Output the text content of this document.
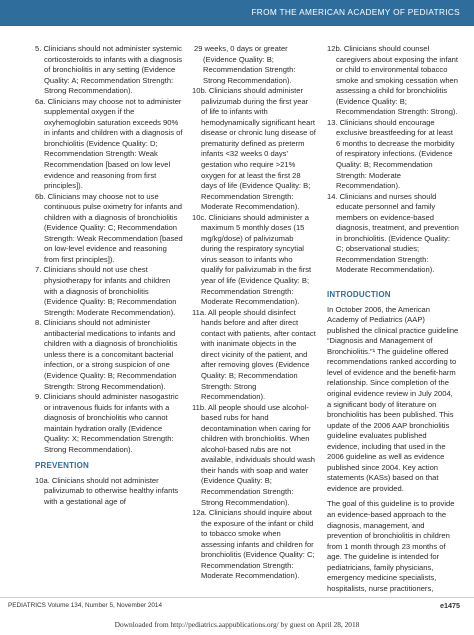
FROM THE AMERICAN ACADEMY OF PEDIATRICS
5. Clinicians should not administer systemic corticosteroids to infants with a diagnosis of bronchiolitis in any setting (Evidence Quality: A; Recommendation Strength: Strong Recommendation).
6a. Clinicians may choose not to administer supplemental oxygen if the oxyhemoglobin saturation exceeds 90% in infants and children with a diagnosis of bronchiolitis (Evidence Quality: D; Recommendation Strength: Weak Recommendation [based on low level evidence and reasoning from first principles]).
6b. Clinicians may choose not to use continuous pulse oximetry for infants and children with a diagnosis of bronchiolitis (Evidence Quality: C; Recommendation Strength: Weak Recommendation [based on low-level evidence and reasoning from first principles]).
7. Clinicians should not use chest physiotherapy for infants and children with a diagnosis of bronchiolitis (Evidence Quality: B; Recommendation Strength: Moderate Recommendation).
8. Clinicians should not administer antibacterial medications to infants and children with a diagnosis of bronchiolitis unless there is a concomitant bacterial infection, or a strong suspicion of one (Evidence Quality: B; Recommendation Strength: Strong Recommendation).
9. Clinicians should administer nasogastric or intravenous fluids for infants with a diagnosis of bronchiolitis who cannot maintain hydration orally (Evidence Quality: X; Recommendation Strength: Strong Recommendation).
PREVENTION
10a. Clinicians should not administer palivizumab to otherwise healthy infants with a gestational age of
29 weeks, 0 days or greater (Evidence Quality: B; Recommendation Strength: Strong Recommendation).
10b. Clinicians should administer palivizumab during the first year of life to infants with hemodynamically significant heart disease or chronic lung disease of prematurity defined as preterm infants <32 weeks 0 days' gestation who require >21% oxygen for at least the first 28 days of life (Evidence Quality: B; Recommendation Strength: Moderate Recommendation).
10c. Clinicians should administer a maximum 5 monthly doses (15 mg/kg/dose) of palivizumab during the respiratory syncytial virus season to infants who qualify for palivizumab in the first year of life (Evidence Quality: B; Recommendation Strength: Moderate Recommendation).
11a. All people should disinfect hands before and after direct contact with patients, after contact with inanimate objects in the direct vicinity of the patient, and after removing gloves (Evidence Quality: B; Recommendation Strength: Strong Recommendation).
11b. All people should use alcohol-based rubs for hand decontamination when caring for children with bronchiolitis. When alcohol-based rubs are not available, individuals should wash their hands with soap and water (Evidence Quality: B; Recommendation Strength: Strong Recommendation).
12a. Clinicians should inquire about the exposure of the infant or child to tobacco smoke when assessing infants and children for bronchiolitis (Evidence Quality: C; Recommendation Strength: Moderate Recommendation).
12b. Clinicians should counsel caregivers about exposing the infant or child to environmental tobacco smoke and smoking cessation when assessing a child for bronchiolitis (Evidence Quality: B; Recommendation Strength: Strong).
13. Clinicians should encourage exclusive breastfeeding for at least 6 months to decrease the morbidity of respiratory infections. (Evidence Quality: B; Recommendation Strength: Moderate Recommendation).
14. Clinicians and nurses should educate personnel and family members on evidence-based diagnosis, treatment, and prevention in bronchiolitis. (Evidence Quality: C; observational studies; Recommendation Strength: Moderate Recommendation).
INTRODUCTION
In October 2006, the American Academy of Pediatrics (AAP) published the clinical practice guideline “Diagnosis and Management of Bronchiolitis.”¹ The guideline offered recommendations ranked according to level of evidence and the benefit-harm relationship. Since completion of the original evidence review in July 2004, a significant body of literature on bronchiolitis has been published. This update of the 2006 AAP bronchiolitis guideline evaluates published evidence, including that used in the 2006 guideline as well as evidence published since 2004. Key action statements (KASs) based on that evidence are provided.
The goal of this guideline is to provide an evidence-based approach to the diagnosis, management, and prevention of bronchiolitis in children from 1 month through 23 months of age. The guideline is intended for pediatricians, family physicians, emergency medicine specialists, hospitalists, nurse practitioners,
PEDIATRICS Volume 134, Number 5, November 2014	e1475
Downloaded from http://pediatrics.aappublications.org/ by guest on April 28, 2018
